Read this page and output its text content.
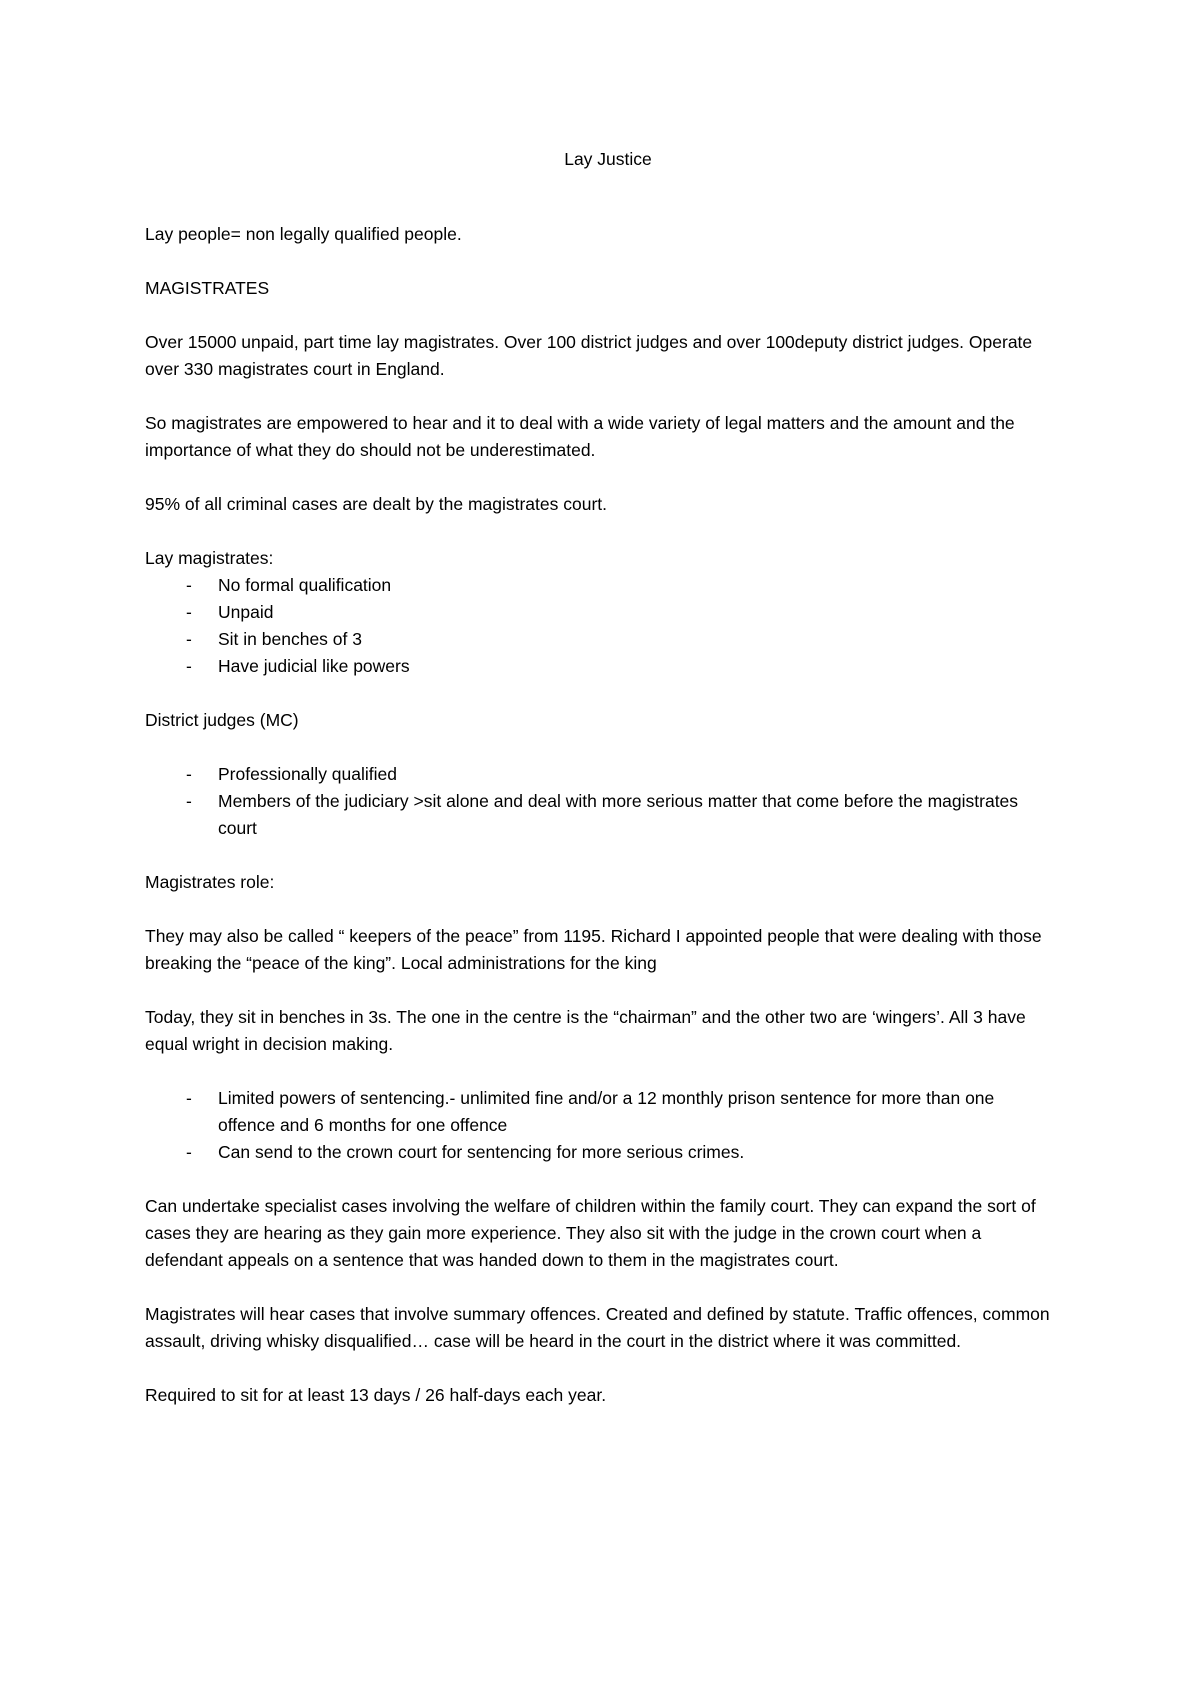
Lay Justice

Lay people= non legally qualified people.

MAGISTRATES

Over 15000 unpaid, part time lay magistrates. Over 100 district judges and over 100deputy district judges. Operate over 330 magistrates court in England.

So magistrates are empowered to hear and it to deal with a wide variety of legal matters and the amount and the importance of what they do should not be underestimated.

95% of all criminal cases are dealt by the magistrates court.

Lay magistrates:

- No formal qualification
- Unpaid
- Sit in benches of 3
- Have judicial like powers

District judges (MC)

- Professionally qualified
- Members of the judiciary >sit alone and deal with more serious matter that come before the magistrates court

Magistrates role:

They may also be called “ keepers of the peace” from 1195. Richard I appointed people that were dealing with those breaking the “peace of the king”. Local administrations for the king

Today, they sit in benches in 3s. The one in the centre is the “chairman” and the other two are ‘wingers’. All 3 have equal wright in decision making.

- Limited powers of sentencing.- unlimited fine and/or a 12 monthly prison sentence for more than one offence and 6 months for one offence
- Can send to the crown court for sentencing for more serious crimes.

Can undertake specialist cases involving the welfare of children within the family court. They can expand the sort of cases they are hearing as they gain more experience. They also sit with the judge in the crown court when a defendant appeals on a sentence that was handed down to them in the magistrates court.

Magistrates will hear cases that involve summary offences. Created and defined by statute. Traffic offences, common assault, driving whisky disqualified… case will be heard in the court in the district where it was committed.

Required to sit for at least 13 days / 26 half-days each year.
